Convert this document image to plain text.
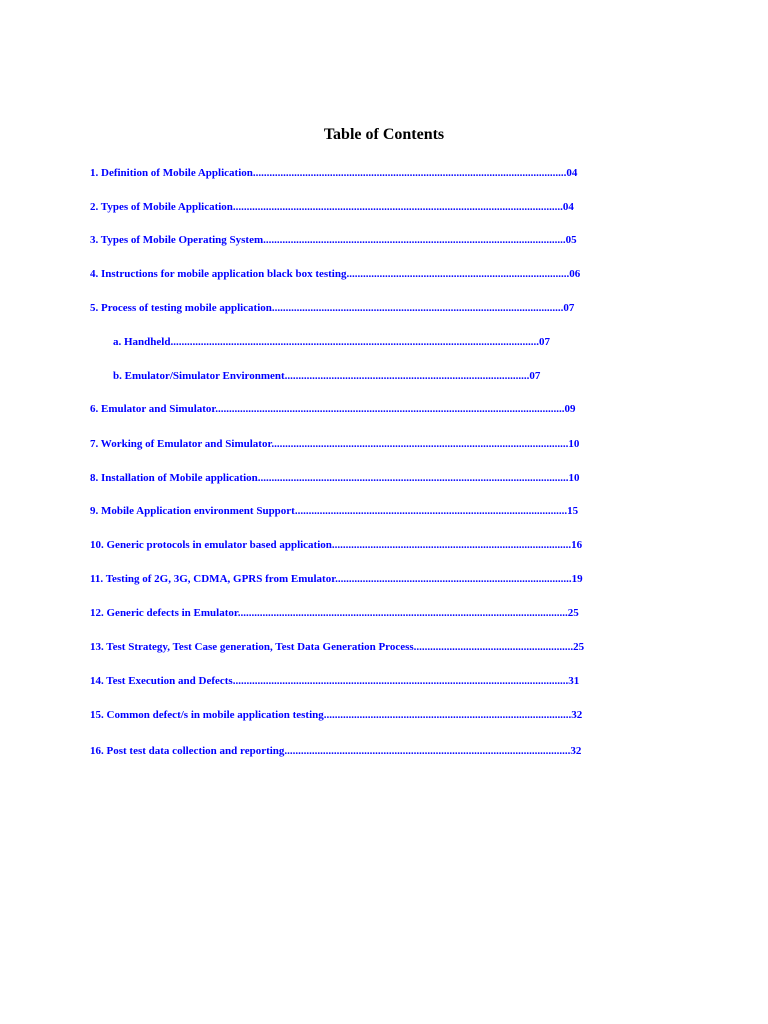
Table of Contents
1. Definition of Mobile Application..................................................................................................................04
2. Types of Mobile Application........................................................................................................................04
3. Types of Mobile Operating System..............................................................................................................05
4. Instructions for mobile application black box testing.................................................................................06
5. Process of testing mobile application..........................................................................................................07
a. Handheld......................................................................................................................................07
b. Emulator/Simulator Environment.........................................................................................07
6. Emulator and Simulator...............................................................................................................................09
7. Working of Emulator and Simulator............................................................................................................10
8. Installation of Mobile application.................................................................................................................10
9. Mobile Application environment Support...................................................................................................15
10. Generic protocols in emulator based application.......................................................................................16
11. Testing of 2G, 3G, CDMA, GPRS from Emulator......................................................................................19
12. Generic defects in Emulator........................................................................................................................25
13. Test Strategy, Test Case generation, Test Data Generation Process..........................................................25
14. Test Execution and Defects..........................................................................................................................31
15. Common defect/s in mobile application testing..........................................................................................32
16. Post test data collection and reporting........................................................................................................32
